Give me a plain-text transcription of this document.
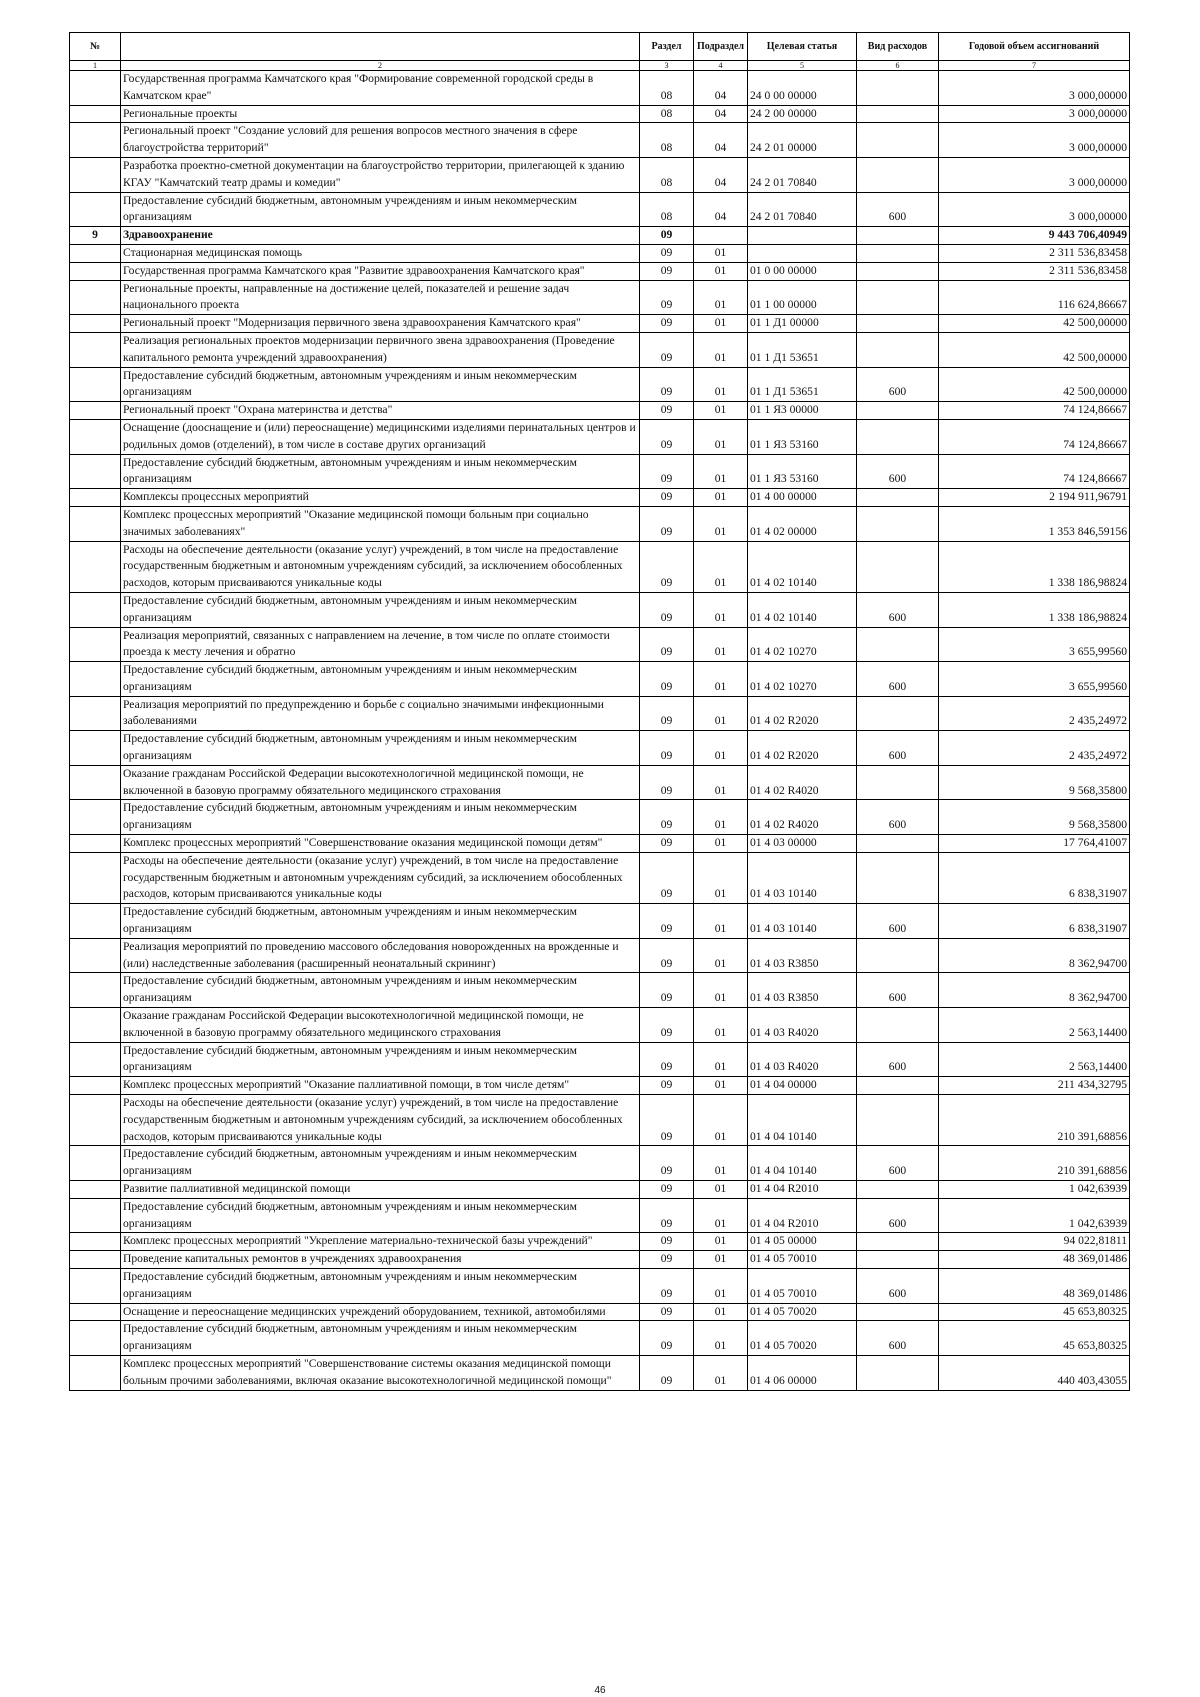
№		Раздел	Подраздел	Целевая статья	Вид расходов	Годовой объем ассигнований
1	2	3	4	5	6	7
	Государственная программа Камчатского края "Формирование современной городской среды в Камчатском крае"	08	04	24 0 00 00000		3 000,00000
	Региональные проекты	08	04	24 2 00 00000		3 000,00000
	Региональный проект "Создание условий для решения вопросов местного значения в сфере благоустройства территорий"	08	04	24 2 01 00000		3 000,00000
	Разработка проектно-сметной документации на благоустройство территории, прилегающей к зданию КГАУ "Камчатский театр драмы и комедии"	08	04	24 2 01 70840		3 000,00000
	Предоставление субсидий бюджетным, автономным учреждениям и иным некоммерческим организациям	08	04	24 2 01 70840	600	3 000,00000
9	Здравоохранение	09				9 443 706,40949
	Стационарная медицинская помощь	09	01			2 311 536,83458
	Государственная программа Камчатского края "Развитие здравоохранения Камчатского края"	09	01	01 0 00 00000		2 311 536,83458
	Региональные проекты, направленные на достижение целей, показателей и решение задач национального проекта	09	01	01 1 00 00000		116 624,86667
	Региональный проект "Модернизация первичного звена здравоохранения Камчатского края"	09	01	01 1 Д1 00000		42 500,00000
	Реализация региональных проектов модернизации первичного звена здравоохранения (Проведение капитального ремонта учреждений здравоохранения)	09	01	01 1 Д1 53651		42 500,00000
	Предоставление субсидий бюджетным, автономным учреждениям и иным некоммерческим организациям	09	01	01 1 Д1 53651	600	42 500,00000
	Региональный проект "Охрана материнства и детства"	09	01	01 1 Я3 00000		74 124,86667
	Оснащение (дооснащение и (или) переоснащение) медицинскими изделиями перинатальных центров и родильных домов (отделений), в том числе в составе других организаций	09	01	01 1 Я3 53160		74 124,86667
	Предоставление субсидий бюджетным, автономным учреждениям и иным некоммерческим организациям	09	01	01 1 Я3 53160	600	74 124,86667
	Комплексы процессных мероприятий	09	01	01 4 00 00000		2 194 911,96791
	Комплекс процессных мероприятий "Оказание медицинской помощи больным при социально значимых заболеваниях"	09	01	01 4 02 00000		1 353 846,59156
	Расходы на обеспечение деятельности (оказание услуг) учреждений, в том числе на предоставление государственным бюджетным и автономным учреждениям субсидий, за исключением обособленных расходов, которым присваиваются уникальные коды	09	01	01 4 02 10140		1 338 186,98824
	Предоставление субсидий бюджетным, автономным учреждениям и иным некоммерческим организациям	09	01	01 4 02 10140	600	1 338 186,98824
	Реализация мероприятий, связанных с направлением на лечение, в том числе по оплате стоимости проезда к месту лечения и обратно	09	01	01 4 02 10270		3 655,99560
	Предоставление субсидий бюджетным, автономным учреждениям и иным некоммерческим организациям	09	01	01 4 02 10270	600	3 655,99560
	Реализация мероприятий по предупреждению и борьбе с социально значимыми инфекционными заболеваниями	09	01	01 4 02 R2020		2 435,24972
	Предоставление субсидий бюджетным, автономным учреждениям и иным некоммерческим организациям	09	01	01 4 02 R2020	600	2 435,24972
	Оказание гражданам Российской Федерации высокотехнологичной медицинской помощи, не включенной в базовую программу обязательного медицинского страхования	09	01	01 4 02 R4020		9 568,35800
	Предоставление субсидий бюджетным, автономным учреждениям и иным некоммерческим организациям	09	01	01 4 02 R4020	600	9 568,35800
	Комплекс процессных мероприятий "Совершенствование оказания медицинской помощи детям"	09	01	01 4 03 00000		17 764,41007
	Расходы на обеспечение деятельности (оказание услуг) учреждений, в том числе на предоставление государственным бюджетным и автономным учреждениям субсидий, за исключением обособленных расходов, которым присваиваются уникальные коды	09	01	01 4 03 10140		6 838,31907
	Предоставление субсидий бюджетным, автономным учреждениям и иным некоммерческим организациям	09	01	01 4 03 10140	600	6 838,31907
	Реализация мероприятий по проведению массового обследования новорожденных на врожденные и (или) наследственные заболевания (расширенный неонатальный скрининг)	09	01	01 4 03 R3850		8 362,94700
	Предоставление субсидий бюджетным, автономным учреждениям и иным некоммерческим организациям	09	01	01 4 03 R3850	600	8 362,94700
	Оказание гражданам Российской Федерации высокотехнологичной медицинской помощи, не включенной в базовую программу обязательного медицинского страхования	09	01	01 4 03 R4020		2 563,14400
	Предоставление субсидий бюджетным, автономным учреждениям и иным некоммерческим организациям	09	01	01 4 03 R4020	600	2 563,14400
	Комплекс процессных мероприятий "Оказание паллиативной помощи, в том числе детям"	09	01	01 4 04 00000		211 434,32795
	Расходы на обеспечение деятельности (оказание услуг) учреждений, в том числе на предоставление государственным бюджетным и автономным учреждениям субсидий, за исключением обособленных расходов, которым присваиваются уникальные коды	09	01	01 4 04 10140		210 391,68856
	Предоставление субсидий бюджетным, автономным учреждениям и иным некоммерческим организациям	09	01	01 4 04 10140	600	210 391,68856
	Развитие паллиативной медицинской помощи	09	01	01 4 04 R2010		1 042,63939
	Предоставление субсидий бюджетным, автономным учреждениям и иным некоммерческим организациям	09	01	01 4 04 R2010	600	1 042,63939
	Комплекс процессных мероприятий "Укрепление материально-технической базы учреждений"	09	01	01 4 05 00000		94 022,81811
	Проведение капитальных ремонтов в учреждениях здравоохранения	09	01	01 4 05 70010		48 369,01486
	Предоставление субсидий бюджетным, автономным учреждениям и иным некоммерческим организациям	09	01	01 4 05 70010	600	48 369,01486
	Оснащение и переоснащение медицинских учреждений оборудованием, техникой, автомобилями	09	01	01 4 05 70020		45 653,80325
	Предоставление субсидий бюджетным, автономным учреждениям и иным некоммерческим организациям	09	01	01 4 05 70020	600	45 653,80325
	Комплекс процессных мероприятий "Совершенствование системы оказания медицинской помощи больным прочими заболеваниями, включая оказание высокотехнологичной медицинской помощи"	09	01	01 4 06 00000		440 403,43055
46
